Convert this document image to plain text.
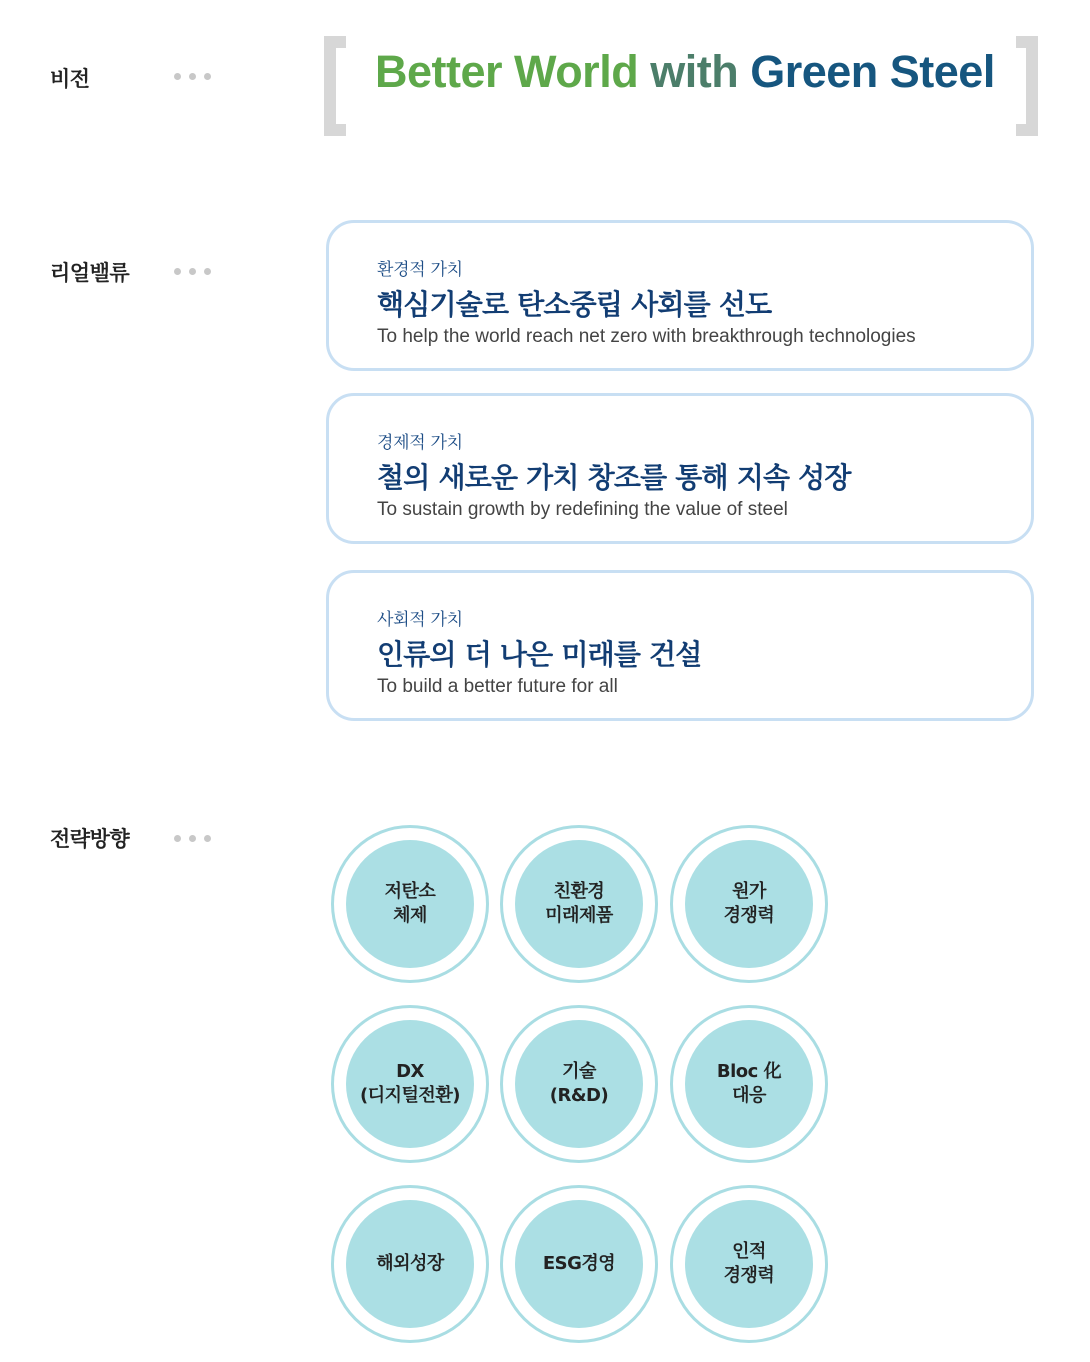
비전	Better World with Green Steel
리얼밸류	환경적 가치
핵심기술로 탄소중립 사회를 선도
To help the world reach net zero with breakthrough technologies
경제적 가치
철의 새로운 가치 창조를 통해 지속 성장
To sustain growth by redefining the value of steel
사회적 가치
인류의 더 나은 미래를 건설
To build a better future for all
전략방향
저탄소
체제
친환경
미래제품
원가
경쟁력
DX
(디지털전환)
기술
(R&D)
Bloc 化
대응
해외성장	ESG경영
인적
경쟁력
